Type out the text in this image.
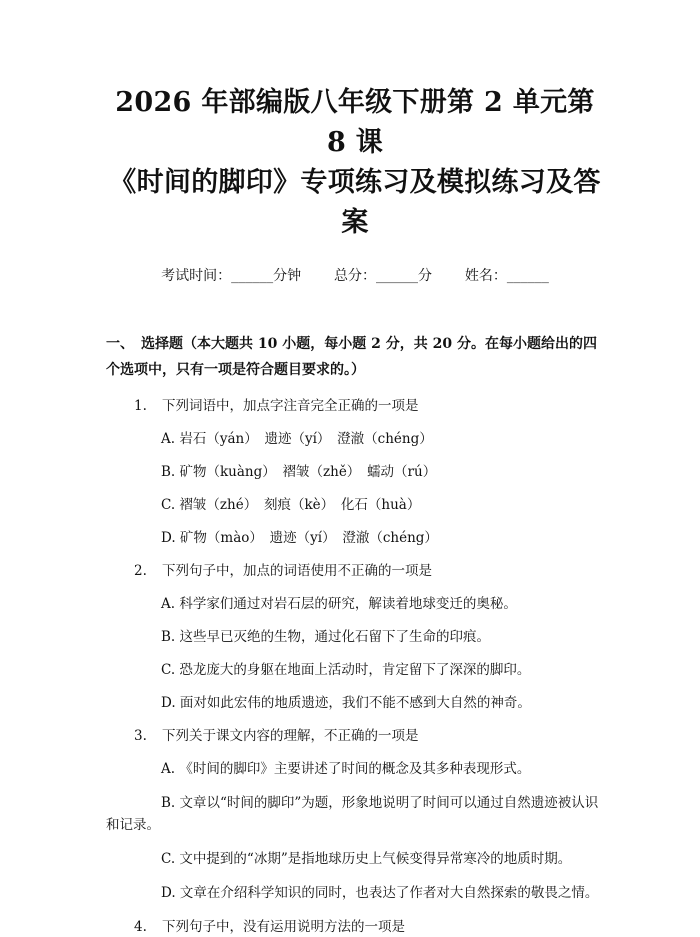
2026 年部编版八年级下册第 2 单元第 8 课
《时间的脚印》专项练习及模拟练习及答案
考试时间：______分钟 总分：______分 姓名：______
一、　选择题（本大题共 10 小题，每小题 2 分，共 20 分。在每小题给出的四个选项中，只有一项是符合题目要求的。）
1. 下列词语中，加点字注音完全正确的一项是
A. 岩石（yán）　遗迹（yí）　澄澈（chéng）
B. 矿物（kuàng）　褶皱（zhě）　蠕动（rú）
C. 褶皱（zhé）　刻痕（kè）　化石（huà）
D. 矿物（mào）　遗迹（yí）　澄澈（chéng）
2. 下列句子中，加点的词语使用不正确的一项是
A. 科学家们通过对岩石层的研究，解读着地球变迁的奥秘。
B. 这些早已灭绝的生物，通过化石留下了生命的印痕。
C. 恐龙庞大的身躯在地面上活动时，肯定留下了深深的脚印。
D. 面对如此宏伟的地质遗迹，我们不能不感到大自然的神奇。
3. 下列关于课文内容的理解，不正确的一项是
A. 《时间的脚印》主要讲述了时间的概念及其多种表现形式。
B. 文章以“时间的脚印”为题，形象地说明了时间可以通过自然遗迹被认识和记录。
C. 文中提到的“冰期”是指地球历史上气候变得异常寒冷的地质时期。
D. 文章在介绍科学知识的同时，也表达了作者对大自然探索的敬畏之情。
4. 下列句子中，没有运用说明方法的一项是
